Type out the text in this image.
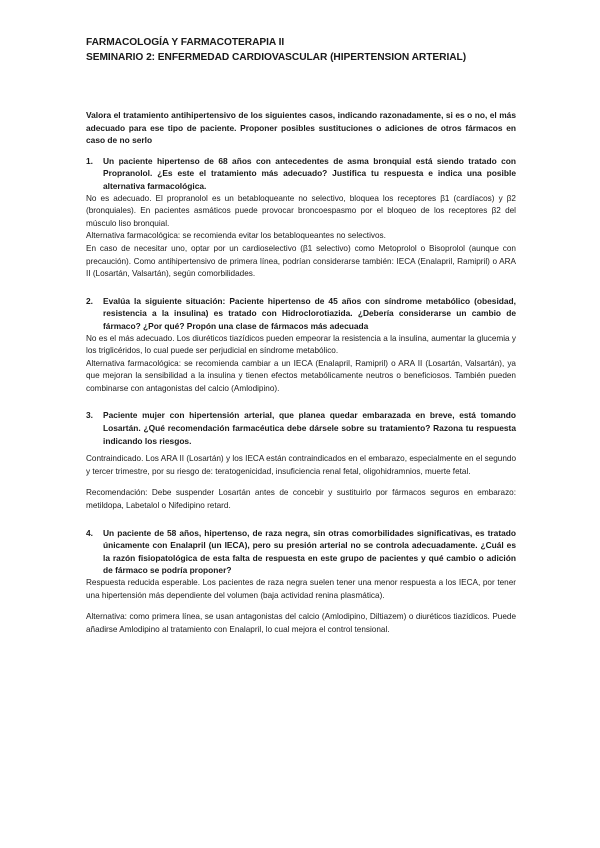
FARMACOLOGÍA Y FARMACOTERAPIA II

SEMINARIO 2: ENFERMEDAD CARDIOVASCULAR (HIPERTENSION ARTERIAL)

Valora el tratamiento antihipertensivo de los siguientes casos, indicando razonadamente, si es o no, el más adecuado para ese tipo de paciente. Proponer posibles sustituciones o adiciones de otros fármacos en caso de no serlo

1. Un paciente hipertenso de 68 años con antecedentes de asma bronquial está siendo tratado con Propranolol. ¿Es este el tratamiento más adecuado? Justifica tu respuesta e indica una posible alternativa farmacológica.

No es adecuado. El propranolol es un betabloqueante no selectivo, bloquea los receptores β1 (cardíacos) y β2 (bronquiales). En pacientes asmáticos puede provocar broncoespasmo por el bloqueo de los receptores β2 del músculo liso bronquial.

Alternativa farmacológica: se recomienda evitar los betabloqueantes no selectivos.

En caso de necesitar uno, optar por un cardioselectivo (β1 selectivo) como Metoprolol o Bisoprolol (aunque con precaución). Como antihipertensivo de primera línea, podrían considerarse también: IECA (Enalapril, Ramipril) o ARA II (Losartán, Valsartán), según comorbilidades.

2. Evalúa la siguiente situación: Paciente hipertenso de 45 años con síndrome metabólico (obesidad, resistencia a la insulina) es tratado con Hidroclorotiazida. ¿Debería considerarse un cambio de fármaco? ¿Por qué? Propón una clase de fármacos más adecuada

No es el más adecuado. Los diuréticos tiazídicos pueden empeorar la resistencia a la insulina, aumentar la glucemia y los triglicéridos, lo cual puede ser perjudicial en síndrome metabólico.

Alternativa farmacológica: se recomienda cambiar a un IECA (Enalapril, Ramipril) o ARA II (Losartán, Valsartán), ya que mejoran la sensibilidad a la insulina y tienen efectos metabólicamente neutros o beneficiosos. También pueden combinarse con antagonistas del calcio (Amlodipino).

3. Paciente mujer con hipertensión arterial, que planea quedar embarazada en breve, está tomando Losartán. ¿Qué recomendación farmacéutica debe dársele sobre su tratamiento? Razona tu respuesta indicando los riesgos.

Contraindicado. Los ARA II (Losartán) y los IECA están contraindicados en el embarazo, especialmente en el segundo y tercer trimestre, por su riesgo de: teratogenicidad, insuficiencia renal fetal, oligohidramnios, muerte fetal.

Recomendación: Debe suspender Losartán antes de concebir y sustituirlo por fármacos seguros en embarazo: metildopa, Labetalol o Nifedipino retard.

4. Un paciente de 58 años, hipertenso, de raza negra, sin otras comorbilidades significativas, es tratado únicamente con Enalapril (un IECA), pero su presión arterial no se controla adecuadamente. ¿Cuál es la razón fisiopatológica de esta falta de respuesta en este grupo de pacientes y qué cambio o adición de fármaco se podría proponer?

Respuesta reducida esperable. Los pacientes de raza negra suelen tener una menor respuesta a los IECA, por tener una hipertensión más dependiente del volumen (baja actividad renina plasmática).

Alternativa: como primera línea, se usan antagonistas del calcio (Amlodipino, Diltiazem) o diuréticos tiazídicos. Puede añadirse Amlodipino al tratamiento con Enalapril, lo cual mejora el control tensional.
